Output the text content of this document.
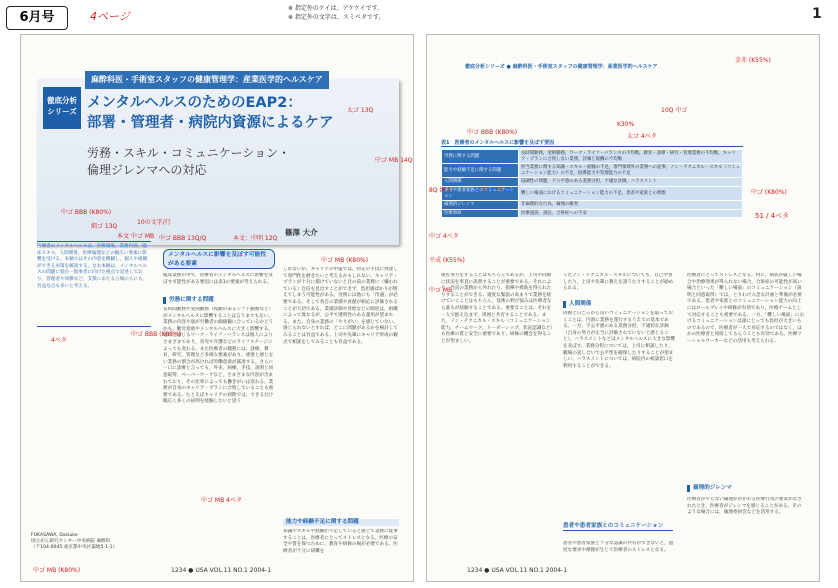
6月号	4ページ
※ 指定外のケイは、アケケイです。
※ 指定外の文字は、スミベタです。	1
徹底分析
シリーズ
麻酔科医・手術室スタッフの健康管理学：産業医学的ヘルスケア
メンタルヘルスのためのEAP2：
部署・管理者・病院内資源によるケア
労務・スキル・コミュニケーション・
倫理ジレンマへの対応
篠澤 大介
医療者のメンタルヘルスは，労務環境，業務内容，臨床スキル，人間関係，医療倫理などの幅広い要素に影響を受ける。本稿ではその内容を概観し，個人や組織ができる対策を解説する。なお本稿は，メンタルヘルスの問題に悩む一般事者に向けた視点で記述しており，管理者や同僚など，支援にあたる立場の人にも，有益な点も多いと考える。
メンタルヘルスに影響を及ぼす可能性がある要素
臨床業務の中で，医療者のメンタルヘルスに影響を及ぼす可能性がある要因には表1の要素が考えられる。
労務に関する問題
長時間勤務や変則勤務（夜勤のあるシフト勤務など）がメンタルヘルスに影響することは言うまでもない。業務の内容や量が労働者の価値観に合っているかどうかも，勤労意欲やメンタルヘルスに大きく影響する。適切と感じるワーク・ライフ・バランスは個人によりさまざまであり，育児や介護などのライフステージによっても変わる。また医療者の職務には，診療，教育，研究，管理など多様な要素があり，重要と感じない業務の割合が高ければ労働意欲が減退する。さらに一口に診療と言っても，外来，病棟，手技，説明と同意取得，ペーパーワークなど，さまざまな内容が含まれており，その比率によっても働きがいは変わる。業務が自身のキャリア・プランに合致していることも重要である。たとえばキャリアの初期では，できるだけ幅広く多くの症例を経験したいと思う
しれないが，キャリアの中盤では，特定の手技に熟達して専門性を磨きたいと考えるかもしれない。キャリア・プランが十分に描けていないと目の前の業務に（嫌われている）自信を見出すことができず，負担感ばかりが増えてしまう可能性がある。労務には他にも「待遇」が必要である。そして各自の業績や貢献が相応に評価されることが大切である。業績評価や昇給などの制度は，組織によって異なるが，公平で透明性のある運用が望まれる。また，自身の業務の「やりがい」を感じていない，感じられないとすれば，どこに問題があるかを検討してみることは有益である。上司や先輩にキャリア形成の観点で相談をしてみることも有益である。
能力や経験不足に関する問題
知識やスキルや経験が不足していると感じて業務に従事することは，医療者にとってストレスとなる。医療の安全や質を保つために，教育や研修の場が必要である。医療者が十分に研鑽を
FUKASAWA, Daisuke
国立がん研究センター中央病院 麻酔科
（〒104-0045 東京都中央区築地5-1-1）
1234 ● USA VOL.11 NO.1 2004-1
中ゴ BBB (K80%)
中ゴ BBB 13Q/Q	本文：中明 12Q
10の文字/行
中ゴ MB (K80%)
細ゴ 13Q
太ゴ 13Q
本文 中ゴ MB
中ゴ MB 14Q
中ゴ BBB (K80%)
4ベタ
中ゴ MB (K80%)
中ゴ MB 4ベタ
徹底分析シリーズ ● 麻酔科医・手術室スタッフの健康管理学：産業医学的ヘルスケア
表1　医療者のメンタルヘルスに影響を及ぼす要因
労務に関する問題	長時間勤務，変則勤務，ワーク・ライフ・バランスの不均衡，教育・診療・研究・管理業務の不均衡，キャリア・プランに合致しない業務，評価と報酬の不均衡
能力や経験不足に関する問題	担当業務に関する知識・スキル・経験の不足，専門領域外の業務への従事，ノン・テクニカル・スキル（コミュニケーション能力）の不足，指導能力や管理能力の不足
人間関係	協調性の問題，不公平感のある業務分担，不適な評価，ハラスメント
患者や患者家族とのコミュニケーション	難しい場面におけるコミュニケーション能力の不足，患者や家族との摩擦
倫理的ジレンマ	非倫理的な行為，倫理の衝突
医療事故	医療過誤，訴訟，合併症への不安
積む努力をすることはもちろんであるが，上司や同僚に状況を率直に説明することが重要である。それにより，当直の業務から外れたり，指導や援助を得られたりすることができる。適度な緊張の高まりで業務を続けていくことはもちろん，技術の伸び悩みは医療者なら誰もが経験することである。重要なことは，それを一人で抱え込まず，周囲と共有することである。また，ノン・テクニカル・スキル（コミュニケーション能力，チームワーク，リーダーシップ，状況認識など）も医療の質と安全に重要であり，研修の機会を得ることが望ましい。
ったノン・テクニカル・スキルについても，自己学習したり，上司や先輩に教えを請うたりすることが勧められる。
人間関係
同僚と日ごろから良いコミュニケーションを取っておくことは，円滑に業務を遂行するうえでの基本である。一方，不公平感のある業務分担，不適切な評価（自身の努力が正当に評価されていないと感じること），ハラスメントなどはメンタルヘルスに大きな影響を及ぼす。業務分担については，上司に相談したり，職場の話し合いで公平性を確保したりすることが望ましい。ハラスメントについては，病院内の相談窓口を利用することができる。
患者や患者家族とのコミュニケーション
患者や患者家族と十分な認識の共有ができないと，過度な要求や摩擦が生じて医療者のストレスとなる。
医療者にとってストレスとなる。特に，病状が厳しい場合や治療効果が得られない場合，合併症の可能性が高い場合といった「難しい場面」のコミュニケーション（説明と同意取得）では，とりわけ入念な計画と準備が必要である。患者や家族とのコミュニケーション能力の向上にはロールプレイや研修が有効であり，医療チームとして対応することも重要である。一方，「難しい場面」におけるコミュニケーションは誰にとっても負担が大きいものであるので，医療者が一人で対応するのではなく，ほかの医療者と同席してもらうことも有効である。医療ソーシャルワーカーなどの活用も考えられる。
倫理的ジレンマ
医療者がやらない倫理がかかわる医療行為の要求がなされたとき，医療者がジレンマを感じることがある。そのような場合には，倫理委員会などを活用する。
1234 ● USA VOL.11 NO.1 2004-1
金赤 (K55%)
中ゴ BBB (K80%)
太ゴ 4ベタ
10Q 中ゴ
K30%
中ゴ (K80%)
51 / 4ベタ
8Q 細ゴ
中ゴ 4ベタ
平成 (K55%)
中ゴ MB
